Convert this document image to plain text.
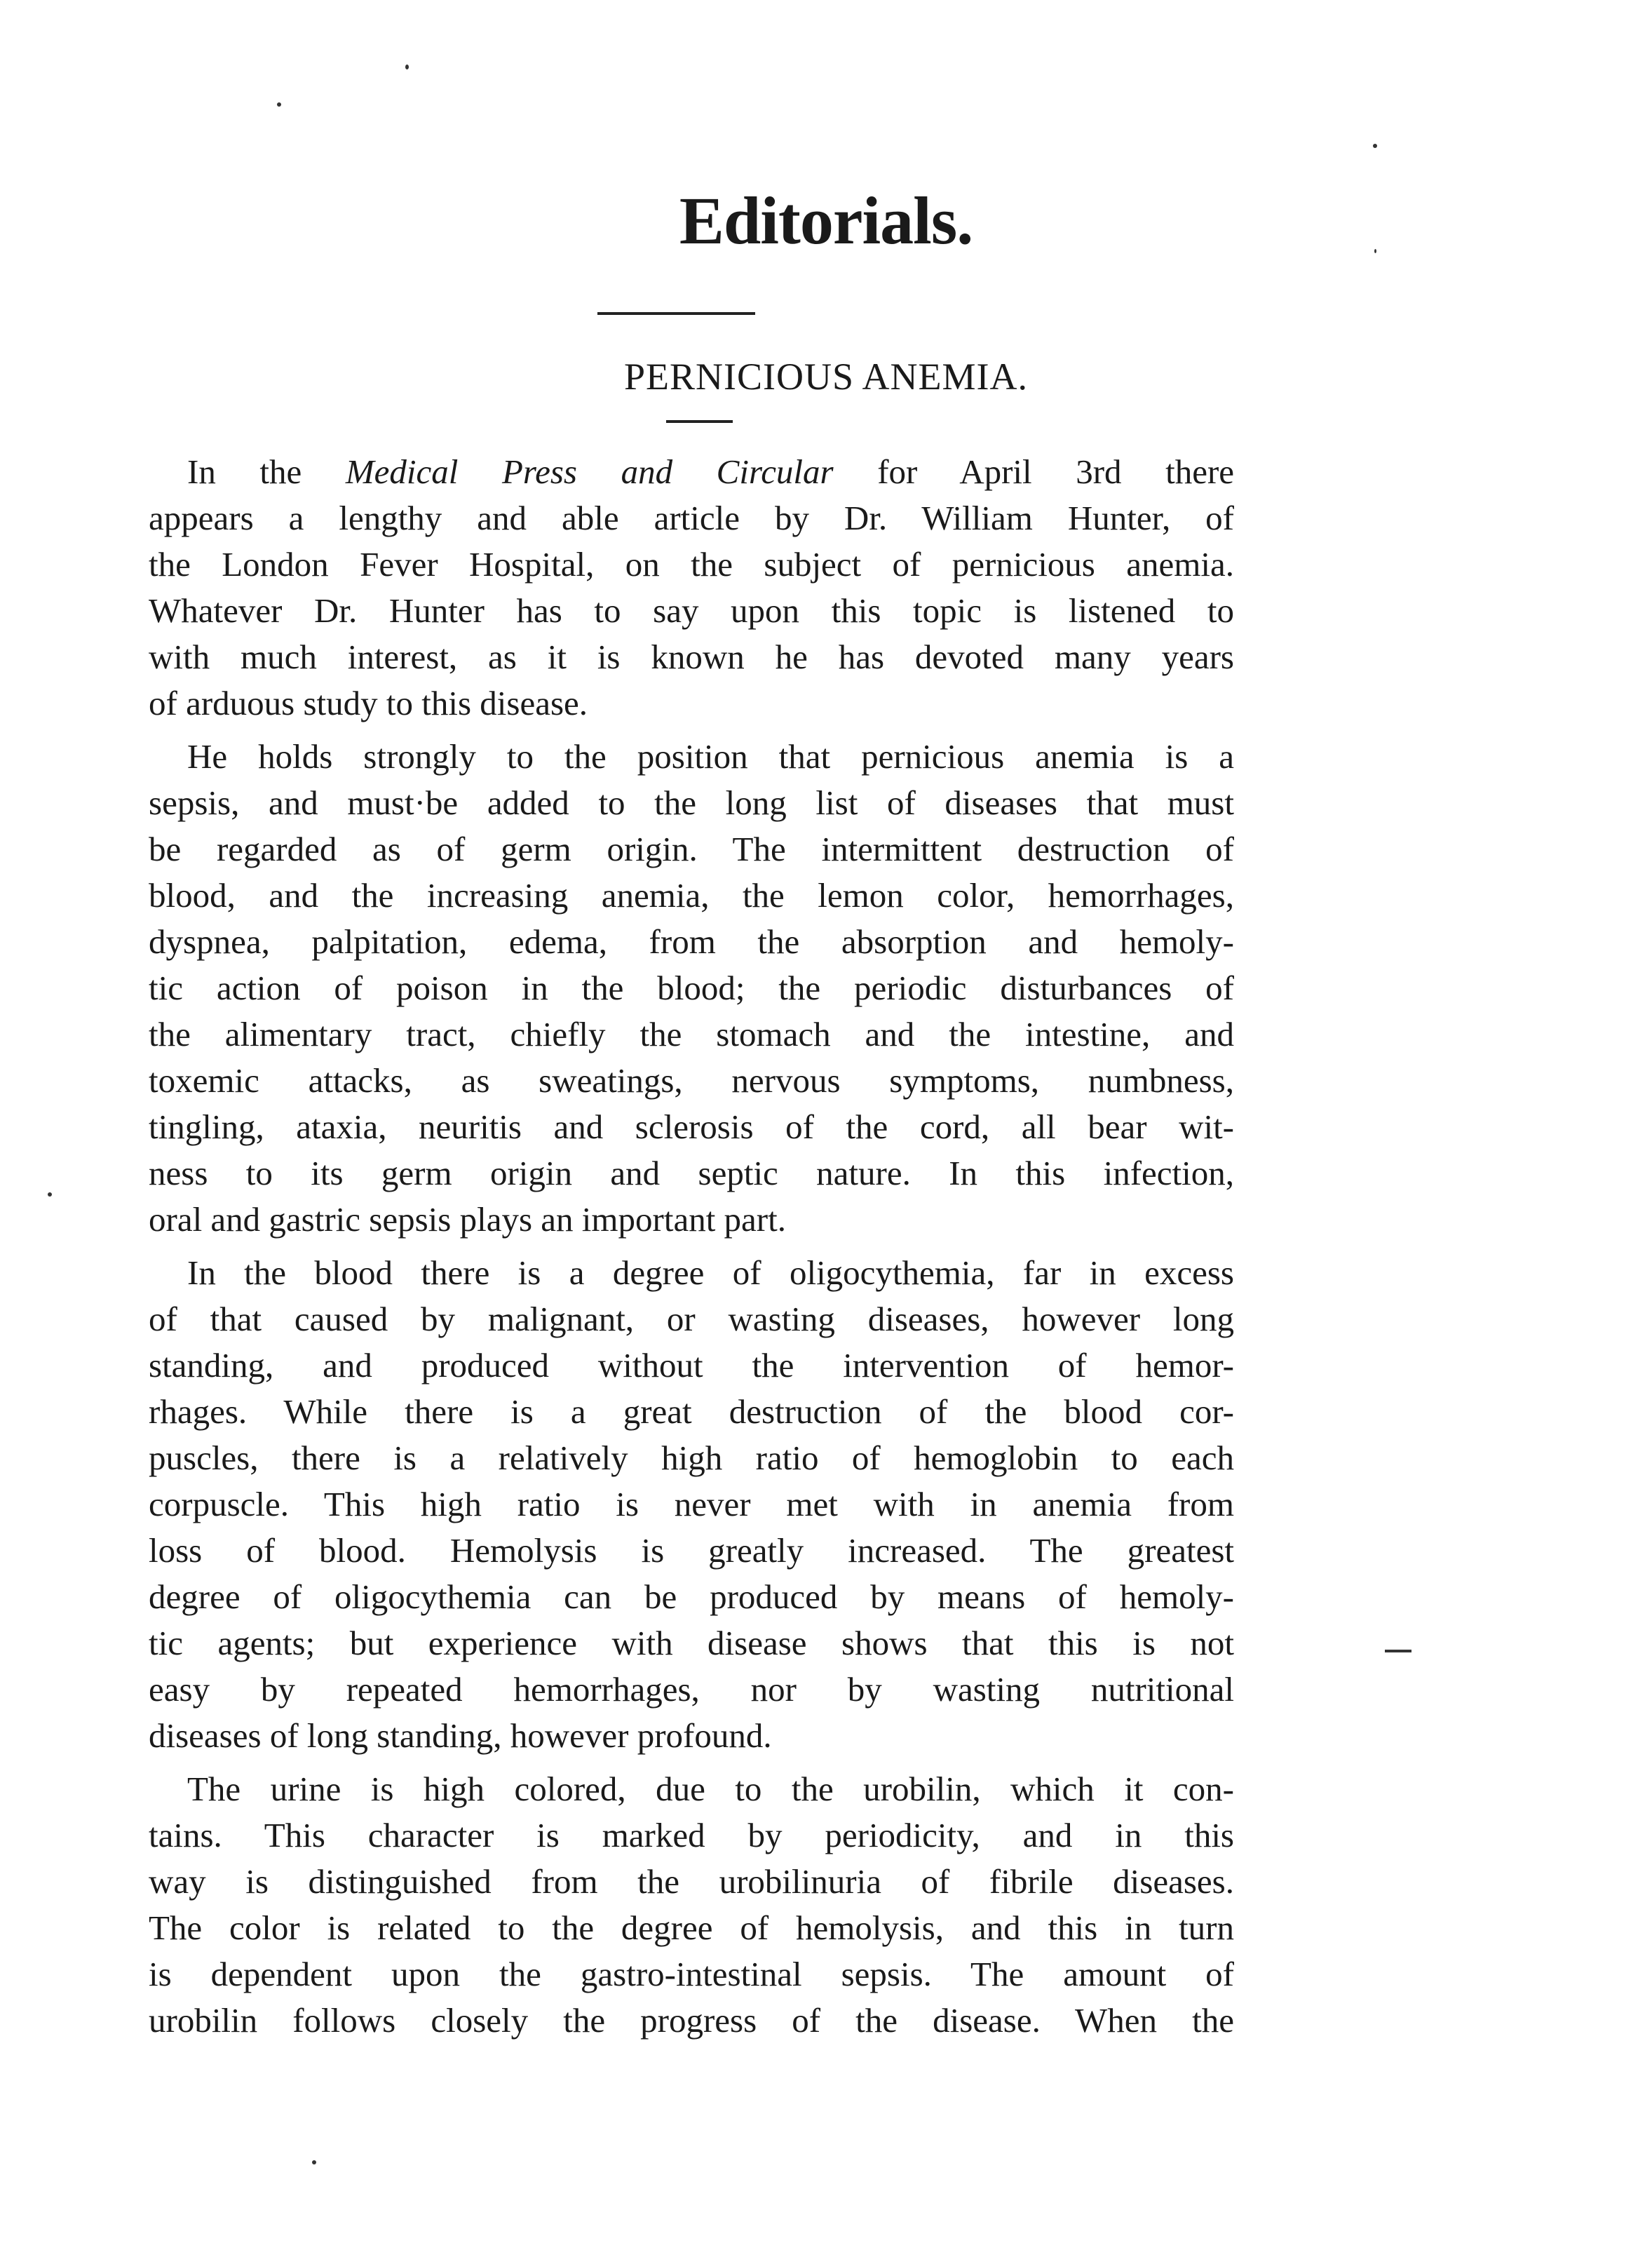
Editorials.
PERNICIOUS ANEMIA.
In the Medical Press and Circular for April 3rd there
appears a lengthy and able article by Dr. William Hunter, of
the London Fever Hospital, on the subject of pernicious anemia.
Whatever Dr. Hunter has to say upon this topic is listened to
with much interest, as it is known he has devoted many years
of arduous study to this disease.
He holds strongly to the position that pernicious anemia is a
sepsis, and must·be added to the long list of diseases that must
be regarded as of germ origin. The intermittent destruction of
blood, and the increasing anemia, the lemon color, hemorrhages,
dyspnea, palpitation, edema, from the absorption and hemoly-
tic action of poison in the blood; the periodic disturbances of
the alimentary tract, chiefly the stomach and the intestine, and
toxemic attacks, as sweatings, nervous symptoms, numbness,
tingling, ataxia, neuritis and sclerosis of the cord, all bear wit-
ness to its germ origin and septic nature. In this infection,
oral and gastric sepsis plays an important part.
In the blood there is a degree of oligocythemia, far in excess
of that caused by malignant, or wasting diseases, however long
standing, and produced without the intervention of hemor-
rhages. While there is a great destruction of the blood cor-
puscles, there is a relatively high ratio of hemoglobin to each
corpuscle. This high ratio is never met with in anemia from
loss of blood. Hemolysis is greatly increased. The greatest
degree of oligocythemia can be produced by means of hemoly-
tic agents; but experience with disease shows that this is not
easy by repeated hemorrhages, nor by wasting nutritional
diseases of long standing, however profound.
The urine is high colored, due to the urobilin, which it con-
tains. This character is marked by periodicity, and in this
way is distinguished from the urobilinuria of fibrile diseases.
The color is related to the degree of hemolysis, and this in turn
is dependent upon the gastro-intestinal sepsis. The amount of
urobilin follows closely the progress of the disease. When the
